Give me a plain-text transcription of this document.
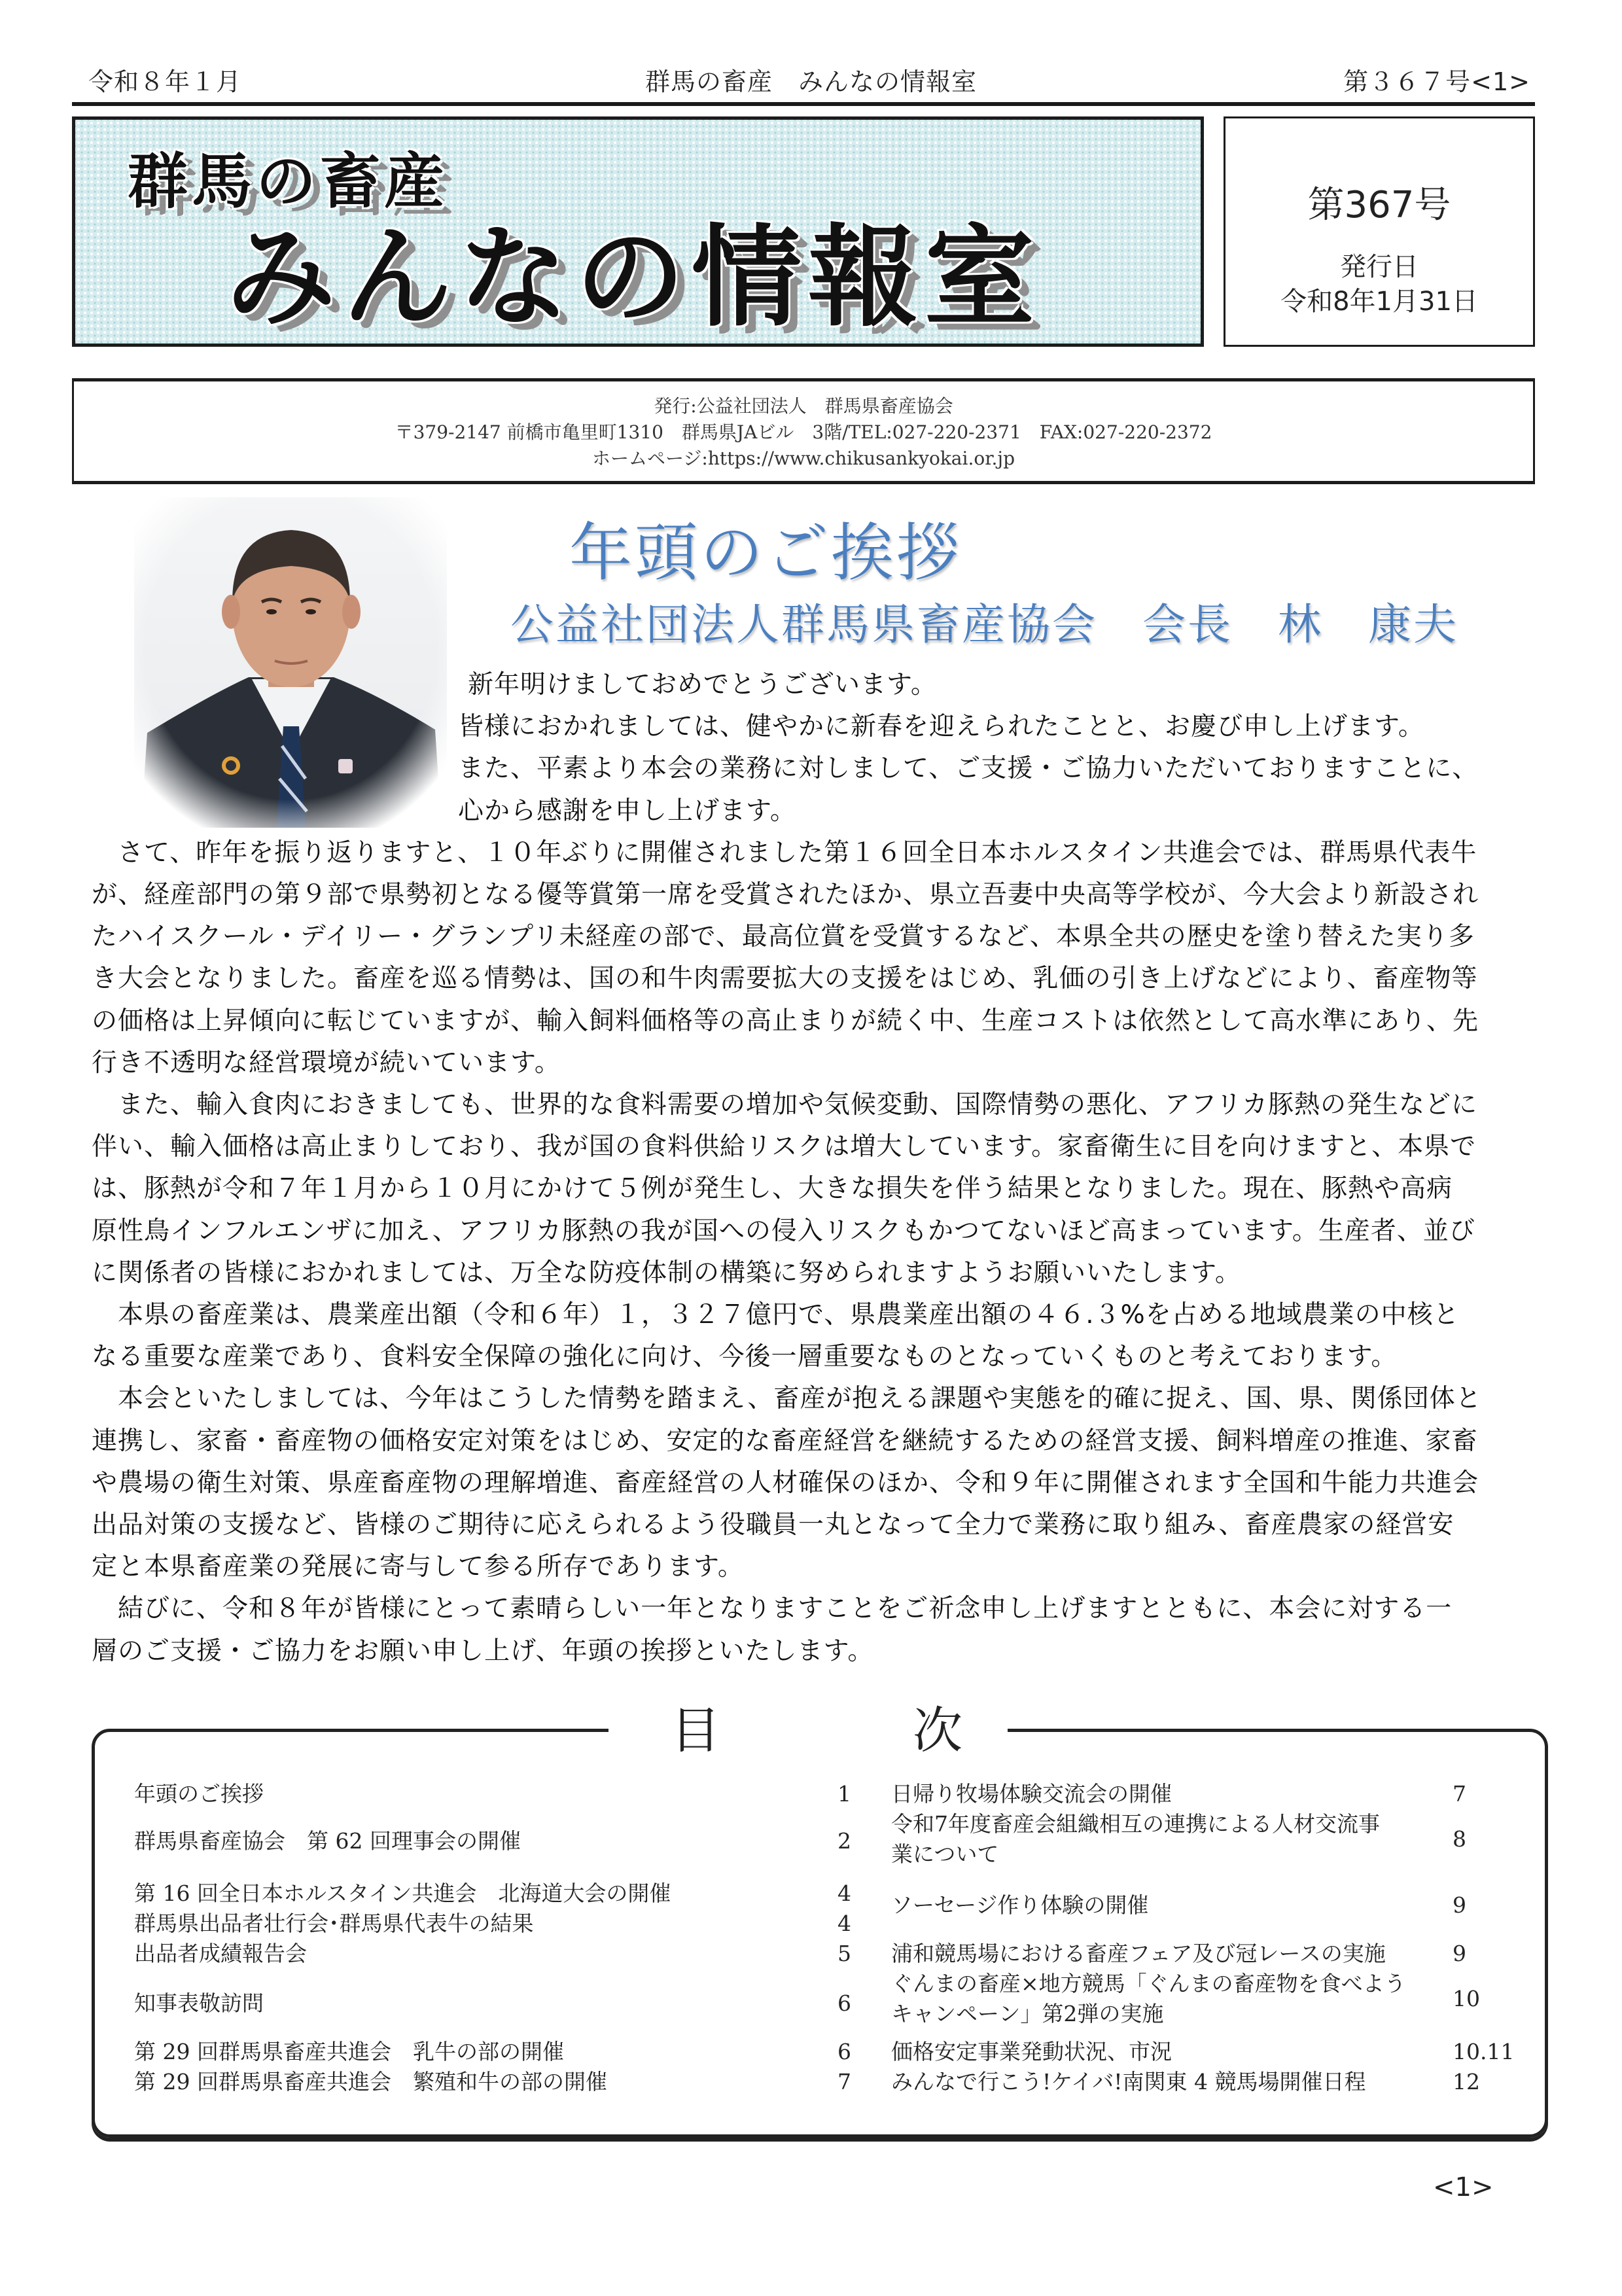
令和８年１月	群馬の畜産　みんなの情報室	第３６７号<1>
群馬の畜産
みんなの情報室
第367号
発行日
令和8年1月31日
発行:公益社団法人　群馬県畜産協会
〒379-2147 前橋市亀里町1310　群馬県JAビル　3階/TEL:027-220-2371　FAX:027-220-2372
ホームページ:https://www.chikusankyokai.or.jp
年頭のご挨拶
公益社団法人群馬県畜産協会　会長　林　康夫
新年明けましておめでとうございます。
皆様におかれましては、健やかに新春を迎えられたことと、お慶び申し上げます。
また、平素より本会の業務に対しまして、ご支援・ご協力いただいておりますことに、
心から感謝を申し上げます。
　さて、昨年を振り返りますと、１０年ぶりに開催されました第１６回全日本ホルスタイン共進会では、群馬県代表牛
が、経産部門の第９部で県勢初となる優等賞第一席を受賞されたほか、県立吾妻中央高等学校が、今大会より新設され
たハイスクール・デイリー・グランプリ未経産の部で、最高位賞を受賞するなど、本県全共の歴史を塗り替えた実り多
き大会となりました。畜産を巡る情勢は、国の和牛肉需要拡大の支援をはじめ、乳価の引き上げなどにより、畜産物等
の価格は上昇傾向に転じていますが、輸入飼料価格等の高止まりが続く中、生産コストは依然として高水準にあり、先
行き不透明な経営環境が続いています。
　また、輸入食肉におきましても、世界的な食料需要の増加や気候変動、国際情勢の悪化、アフリカ豚熱の発生などに
伴い、輸入価格は高止まりしており、我が国の食料供給リスクは増大しています。家畜衛生に目を向けますと、本県で
は、豚熱が令和７年１月から１０月にかけて５例が発生し、大きな損失を伴う結果となりました。現在、豚熱や高病
原性鳥インフルエンザに加え、アフリカ豚熱の我が国への侵入リスクもかつてないほど高まっています。生産者、並び
に関係者の皆様におかれましては、万全な防疫体制の構築に努められますようお願いいたします。
　本県の畜産業は、農業産出額（令和６年）１，３２７億円で、県農業産出額の４６.３%を占める地域農業の中核と
なる重要な産業であり、食料安全保障の強化に向け、今後一層重要なものとなっていくものと考えております。
　本会といたしましては、今年はこうした情勢を踏まえ、畜産が抱える課題や実態を的確に捉え、国、県、関係団体と
連携し、家畜・畜産物の価格安定対策をはじめ、安定的な畜産経営を継続するための経営支援、飼料増産の推進、家畜
や農場の衛生対策、県産畜産物の理解増進、畜産経営の人材確保のほか、令和９年に開催されます全国和牛能力共進会
出品対策の支援など、皆様のご期待に応えられるよう役職員一丸となって全力で業務に取り組み、畜産農家の経営安
定と本県畜産業の発展に寄与して参る所存であります。
　結びに、令和８年が皆様にとって素晴らしい一年となりますことをご祈念申し上げますとともに、本会に対する一
層のご支援・ご協力をお願い申し上げ、年頭の挨拶といたします。
目	次
年頭のご挨拶	1
群馬県畜産協会　第 62 回理事会の開催	2
第 16 回全日本ホルスタイン共進会　北海道大会の開催	4
群馬県出品者壮行会･群馬県代表牛の結果	4
出品者成績報告会	5
知事表敬訪問	6
第 29 回群馬県畜産共進会　乳牛の部の開催	6
第 29 回群馬県畜産共進会　繁殖和牛の部の開催	7
日帰り牧場体験交流会の開催	7
令和7年度畜産会組織相互の連携による人材交流事
業について
8
ソーセージ作り体験の開催	9
浦和競馬場における畜産フェア及び冠レースの実施	9
ぐんまの畜産×地方競馬「ぐんまの畜産物を食べよう
キャンペーン」第2弾の実施
10
価格安定事業発動状況、市況	10.11
みんなで行こう!ケイバ!南関東 4 競馬場開催日程	12
<1>
